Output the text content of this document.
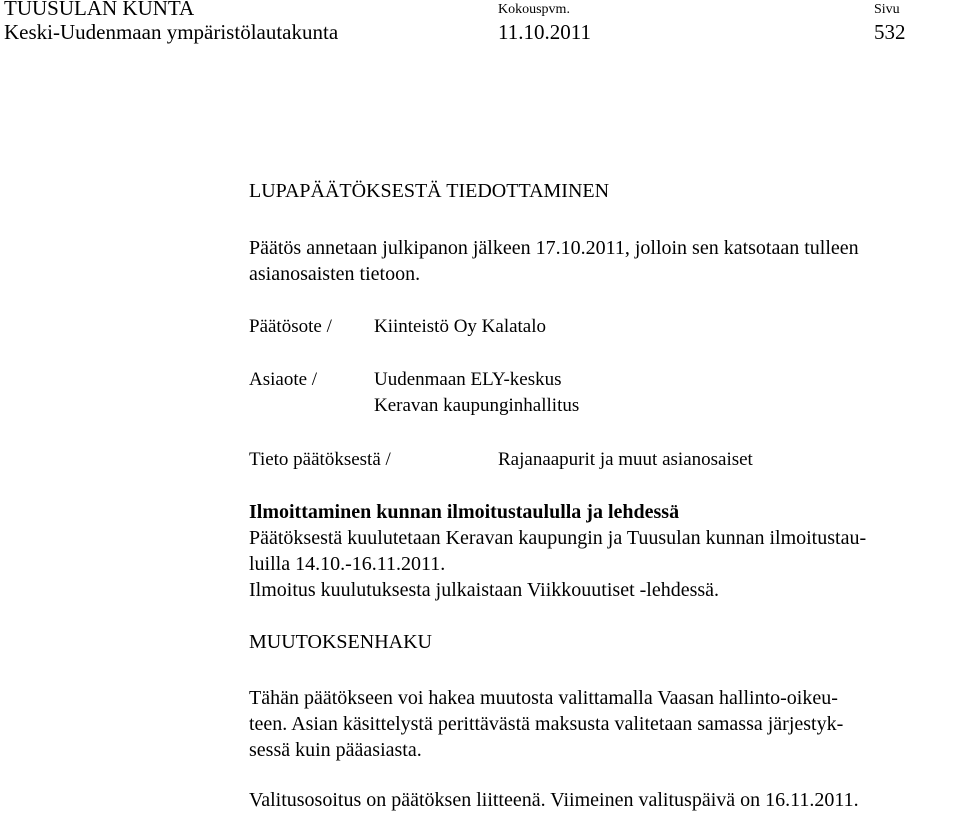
TUUSULAN KUNTA
Keski-Uudenmaan ympäristölautakunta
Kokouspvm.
11.10.2011
Sivu
532
LUPAPÄÄTÖKSESTÄ TIEDOTTAMINEN
Päätös annetaan julkipanon jälkeen 17.10.2011, jolloin sen katsotaan tulleen
asianosaisten tietoon.
Päätösote / Kiinteistö Oy Kalatalo
Asiaote /	Uudenmaan ELY-keskus
Keravan kaupunginhallitus
Tieto päätöksestä /	Rajanaapurit ja muut asianosaiset
Ilmoittaminen kunnan ilmoitustaululla ja lehdessä
Päätöksestä kuulutetaan Keravan kaupungin ja Tuusulan kunnan ilmoitustau-
luilla 14.10.-16.11.2011.
Ilmoitus kuulutuksesta julkaistaan Viikkouutiset -lehdessä.
MUUTOKSENHAKU
Tähän päätökseen voi hakea muutosta valittamalla Vaasan hallinto-oikeu-
teen. Asian käsittelystä perittävästä maksusta valitetaan samassa järjestyk-
sessä kuin pääasiasta.
Valitusosoitus on päätöksen liitteenä. Viimeinen valituspäivä on 16.11.2011.
